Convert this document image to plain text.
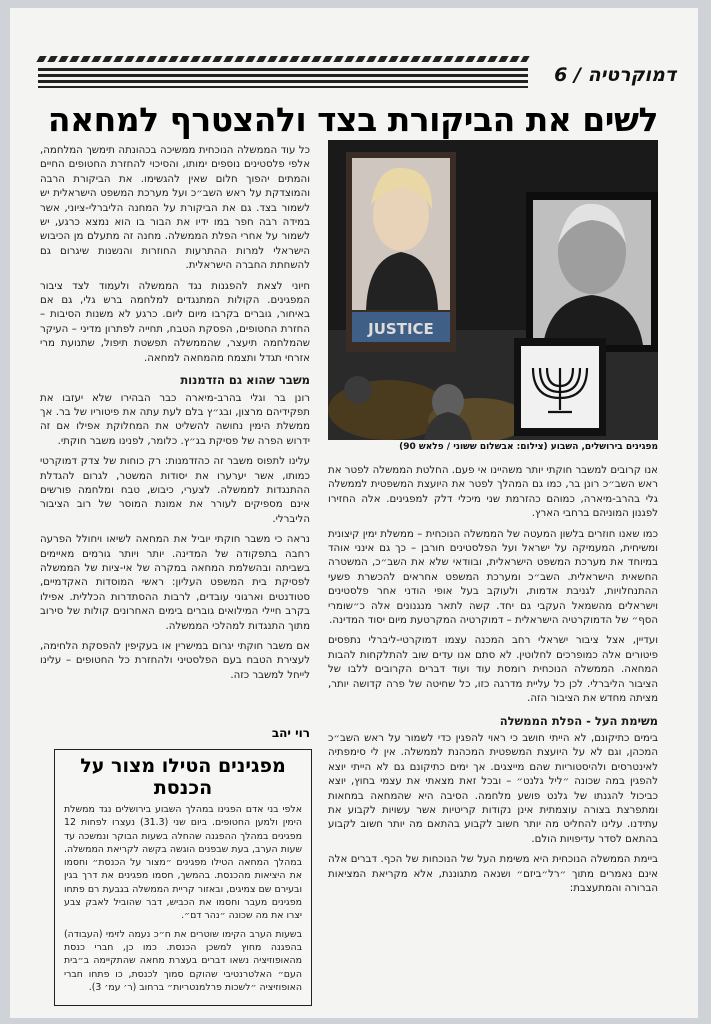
דמוקרטיה / 6
לשים את הביקורת בצד ולהצטרף למחאה

כל עוד הממשלה הנוכחית ממשיכה בכהונתה תימשך המלחמה, אלפי פלסטינים נוספים ימותו, והסיכוי להחזרת החטופים החיים והמתים יהפוך חלום שאין להגשימו. את הביקורת הרבה והמוצדקת על ראש השב״כ ועל מערכת המשפט הישראלית יש לשמור בצד. גם את הביקורת על המחנה הליברלי-ציוני, אשר במידה רבה חפר במו ידיו את הבור בו הוא נמצא כרגע, יש לשמור על אחרי הפלת הממשלה. מחנה זה מתעלם מן הכיבוש הישראלי למרות ההתרעות החוזרות והנשנות שיגרום גם להשחתת החברה הישראלית.

חיוני לצאת להפגנות נגד הממשלה ולעמוד לצד ציבור המפגינים. הקולות המתנגדים למלחמה ברש גלי, גם אם באיחור, גוברים בקרבו מיום ליום. כרגע לא משנות הסיבות – החזרת החטופים, הפסקת הטבח, תחייה לפתרון מדיני – העיקר שהמלחמה תיעצר, שהממשלה תפשטת תיפול, שתנועת מרי אזרחי תגדל ותצמח מהמחאה למחאה.

משבר שהוא גם הזדמנות

רונן בר וגלי בהרב-מיארה כבר הבהירו שלא יעזבו את תפקידיהם מרצון, ובג״ץ בלם לעת עתה את פיטוריו של בר. אך ממשלת הימין נחושה להשליט את המחלוקת אפילו אם זה ידרוש הפרה של פסיקת בג״ץ. כלומר, לפנינו משבר חוקתי.

עלינו לתפוס משבר זה כהזדמנות: רק כוחות של צדק דמוקרטי כמותו, אשר יערערו את יסודות המשטר, לגרום להגדלת ההתנגדות לממשלה. לצערי, כיבוש, טבח ומלחמה פורשים אינם מספיקים לעורר את אמונת המוסר של רוב הציבור הליברלי.

נראה כי משבר חוקתי יוביל את המחאה לשיאו ויחולל הפרעה רחבה בתפקודה של המדינה. יותר ויותר גורמים מאיימים בשביתה ובהשלמת המחאה במקרה של אי-ציות של הממשלה לפסיקת בית המשפט העליון: ראשי המוסדות האקדמיים, סטודנטים וארגוני עובדים, לרבות ההסתדרות הכללית. אפילו בקרב חיילי המילואים גוברים בימים האחרונים קולות של סירוב מתוך התנגדות למהלכי הממשלה.

אם משבר חוקתי יגרום במישרין או בעקיפין להפסקת הלחימה, לעצירת הטבח בעם הפלסטיני ולהחזרת כל החטופים – עלינו לייחל למשבר כזה.

רוי יהב
JUSTICE
מפגינים בירושלים, השבוע (צילום: אבשלום ששוני / פלאש 90)

אנו קרובים למשבר חוקתי יותר משהיינו אי פעם. החלטת הממשלה לפטר את ראש השב״כ רונן בר, כמו גם המהלך לפטר את היועצת המשפטית לממשלה גלי בהרב-מיארה, כמוהם כהזרמת שני מיכלי דלק למפגינים. אלה החזירו לפגנון המוניהם ברחבי הארץ.

כמו שאנו חוזרים בלשון המעטה של הממשלה הנוכחית – ממשלת ימין קיצונית ומשיחית, המעמיקה על ישראל ועל הפלסטינים חורבן – כך גם אינני אוהד במיוחד את מערכת המשפט הישראלית, ובוודאי שלא את השב״כ, המשטרה החשאית הישראלית. השב״כ ומערכת המשפט אחראים להכשרת פשעי ההתנחלויות, לגניבת אדמות, ולעוקב בעל אופי הודני אחר פלסטינים וישראלים מהשמאל העקבי גם יחד. קשה לתאר מנגנונים אלה כ״שומרי הסף״ של הדמוקרטיה הישראלית – דמוקרטיה המקרטעת מיום יסוד המדינה.

ועדיין, אצל ציבור ישראלי רחב המכנה עצמו דמוקרטי-ליברלי נתפסים פיטורים אלה כמופרכים לחלוטין. לא סתם אנו עדים שוב להתלקחות להבות המחאה. הממשלה הנוכחית רומסת עוד ועוד דברים הקרובים ללבו של הציבור הליברלי. לכן כל עליית מדרגה כזו, כל שחיטה של פרה קדושה יותר, מציתה מחדש את הציבור הזה.

משימת העל - הפלת הממשלה

בימים כתיקונם, לא הייתי חושב כי ראוי להפגין כדי לשמור על ראש השב״כ המכהן, וגם לא על היועצת המשפטית המכהנת לממשלה. אין לי סימפתיה לאינטרסים ולהיסטוריות שהם מייצגים. אך ימים כתיקונם גם לא הייתי יוצא להפגין במה שכונה ״ליל גלנט״ – ובכל זאת מצאתי את עצמי בחוץ, יוצא כביכול להגנתו של גלנט פושע מלחמה. הסיבה היא שהמחאה במחאות ומתפרצת בצורה עוצמתית אינן נקודות קריטיות אשר עשויות לקבוע את עתידנו. עלינו להחליט מה יותר חשוב לקבוע בהתאם מה יותר חשוב לקבוע בהתאם לסדר עדיפויות הולם.

ביימת הממשלה הנוכחית היא משימת העל של הנוכחות של הכף. דברים אלה אינם נאמרים מתוך ״רל״ביזם״ ושנאה מתגוננת, אלא מקריאת המציאות הברורה והמתעצבת:

מפגינים הטילו מצור על הכנסת

אלפי בני אדם הפגינו במהלך השבוע בירושלים נגד ממשלת הימין ולמען החטופים. ביום שני (31.3) נעצרו לפחות 12 מפגינים במהלך ההפגנה שהחלה בשעות הבוקר ונמשכה עד שעות הערב, בעת שבפנים הוגשה בקשה לקריאת הממשלה. במהלך המחאה הטילו מפגינים ״מצור על הכנסת״ וחסמו את היציאות מהכנסת. בהמשך, חסמו מפגינים את דרך בגין ובעירם שם צמיגים, ובאזור קריית הממשלה בגבעת רם פתחו מפגינים מעבר וחסמו את הכביש, דבר שהוביל לאבק צבע יצרו את מה שכונה ״נהר דם״.

בשעות הערב הקימו שוטרים את ח״כ נעמה לזימי (העבודה) בהפגנה מחוץ למשכן הכנסת. כמו כן, חברי כנסת מהאופוזיציה נשאו דברים בעצרת מחאה שהתקיימה ב״בית העם״ האלטרנטיבי שהוקם סמוך לכנסת, כו פתחו חברי האופוזיציה ״לשכות פרלמנטריות״ ברחוב (ר׳ עמ׳ 3).
